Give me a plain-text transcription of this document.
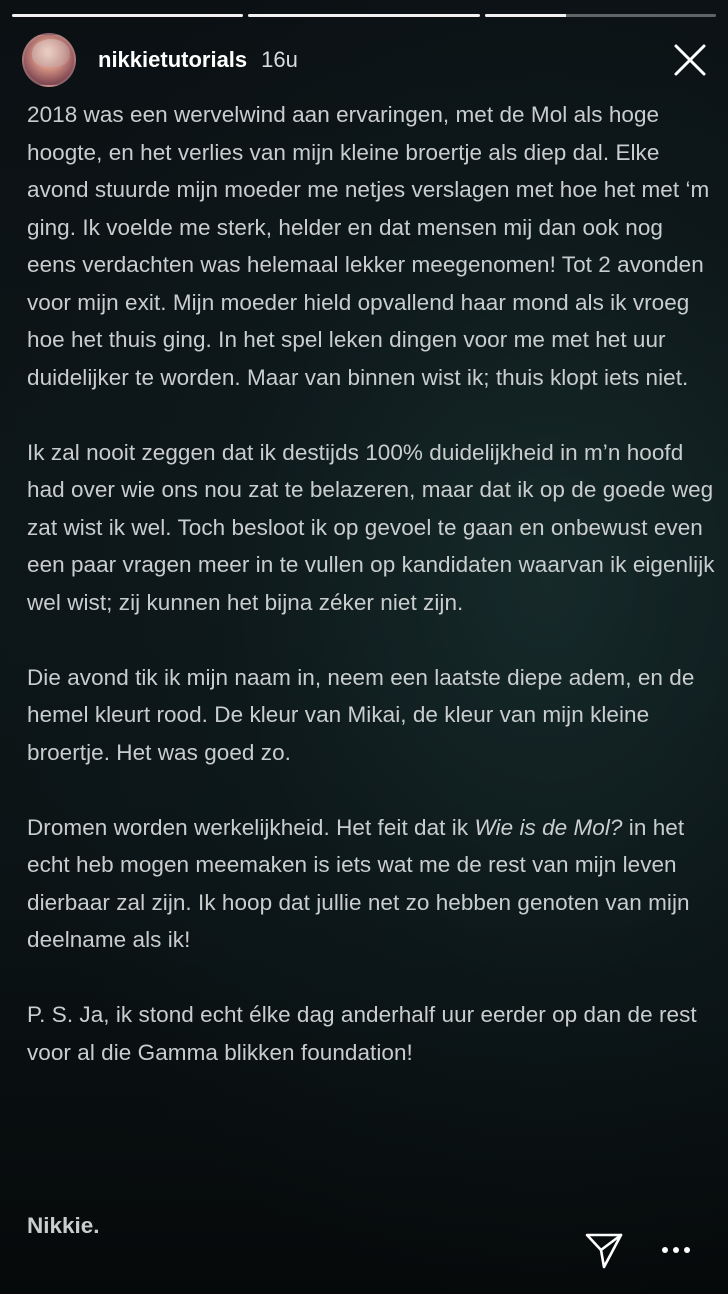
nikkietutorials 16u

2018 was een wervelwind aan ervaringen, met de Mol als hoge hoogte, en het verlies van mijn kleine broertje als diep dal. Elke avond stuurde mijn moeder me netjes verslagen met hoe het met ‘m ging. Ik voelde me sterk, helder en dat mensen mij dan ook nog eens verdachten was helemaal lekker meegenomen! Tot 2 avonden voor mijn exit. Mijn moeder hield opvallend haar mond als ik vroeg hoe het thuis ging. In het spel leken dingen voor me met het uur duidelijker te worden. Maar van binnen wist ik; thuis klopt iets niet.

Ik zal nooit zeggen dat ik destijds 100% duidelijkheid in m’n hoofd had over wie ons nou zat te belazeren, maar dat ik op de goede weg zat wist ik wel. Toch besloot ik op gevoel te gaan en onbewust even een paar vragen meer in te vullen op kandidaten waarvan ik eigenlijk wel wist; zij kunnen het bijna zéker niet zijn.

Die avond tik ik mijn naam in, neem een laatste diepe adem, en de hemel kleurt rood. De kleur van Mikai, de kleur van mijn kleine broertje. Het was goed zo.

Dromen worden werkelijkheid. Het feit dat ik Wie is de Mol? in het echt heb mogen meemaken is iets wat me de rest van mijn leven dierbaar zal zijn. Ik hoop dat jullie net zo hebben genoten van mijn deelname als ik!

P. S. Ja, ik stond echt élke dag anderhalf uur eerder op dan de rest voor al die Gamma blikken foundation!

Nikkie.
